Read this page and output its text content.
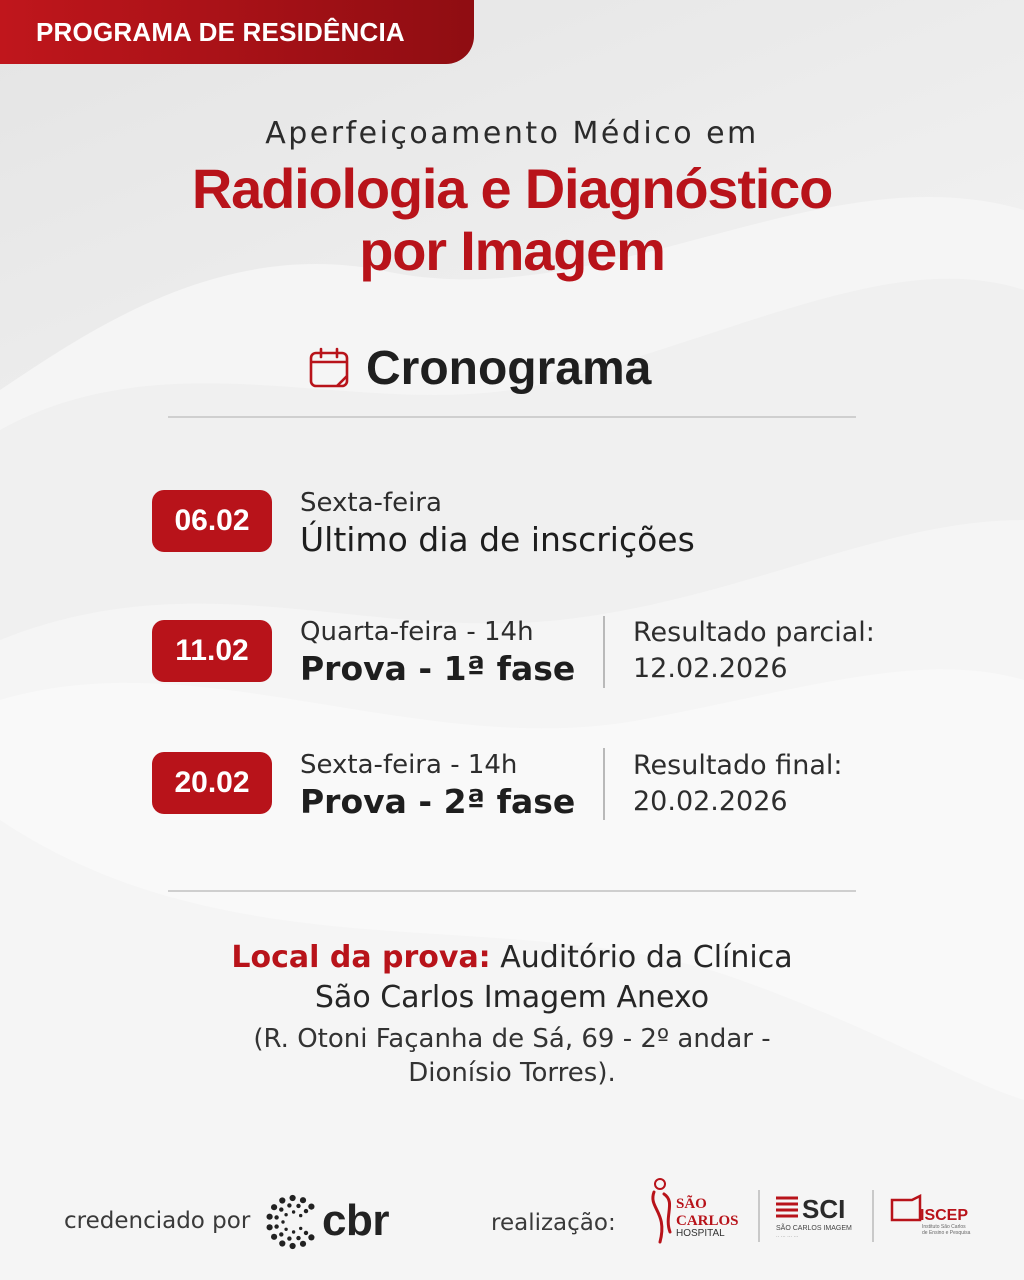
PROGRAMA DE RESIDÊNCIA
Aperfeiçoamento Médico em
Radiologia e Diagnóstico
por Imagem
Cronograma
06.02
Sexta-feira
Último dia de inscrições
11.02
Quarta-feira - 14h
Prova - 1ª fase
Resultado parcial:
12.02.2026
20.02
Sexta-feira - 14h
Prova - 2ª fase
Resultado final:
20.02.2026
Local da prova: Auditório da Clínica
São Carlos Imagem Anexo
(R. Otoni Façanha de Sá, 69 - 2º andar -
Dionísio Torres).
credenciado por cbr	realização:
SÃO
CARLOS
HOSPITAL
SCI
SÃO CARLOS IMAGEM
·· ··· ··· ···
ISCEP
Instituto São Carlos
de Ensino e Pesquisa
